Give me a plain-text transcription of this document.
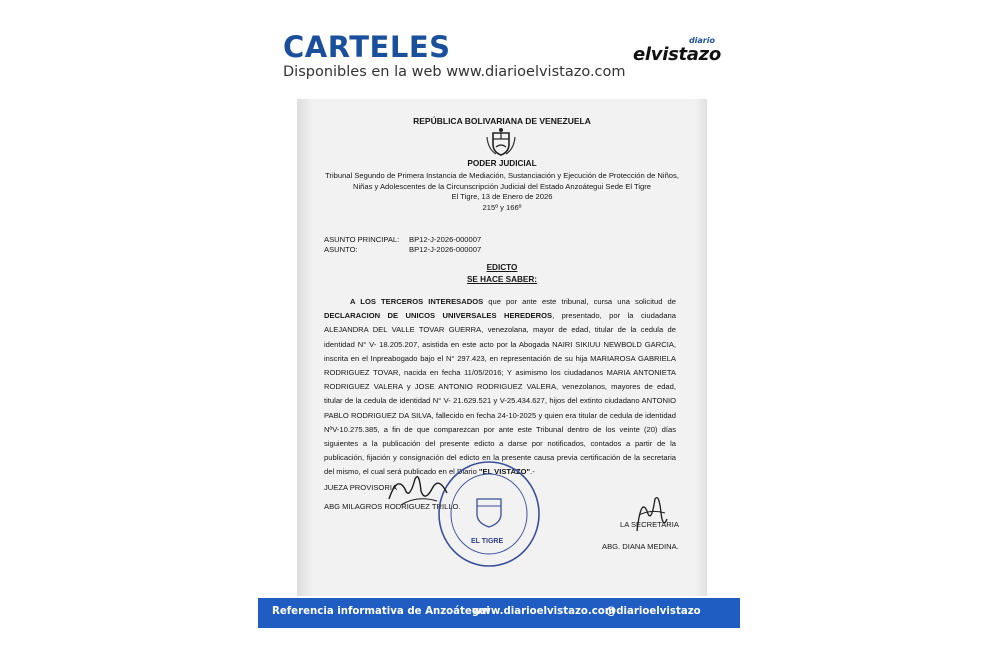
CARTELES
Disponibles en la web www.diarioelvistazo.com
diario
elvistazo
REPÚBLICA BOLIVARIANA DE VENEZUELA
PODER JUDICIAL
Tribunal Segundo de Primera Instancia de Mediación, Sustanciación y Ejecución de Protección de Niños,
Niñas y Adolescentes de la Circunscripción Judicial del Estado Anzoátegui Sede El Tigre
El Tigre, 13 de Enero de 2026
215º y 166º
ASUNTO PRINCIPAL: BP12-J-2026-000007
ASUNTO:	BP12-J-2026-000007
EDICTO
SE HACE SABER:
A LOS TERCEROS INTERESADOS que por ante este tribunal, cursa una solicitud de DECLARACION DE UNICOS UNIVERSALES HEREDEROS, presentado, por la ciudadana ALEJANDRA DEL VALLE TOVAR GUERRA, venezolana, mayor de edad, titular de la cedula de identidad N° V- 18.205.207, asistida en este acto por la Abogada NAIRI SIKIUU NEWBOLD GARCIA, inscrita en el Inpreabogado bajo el N° 297.423, en representación de su hija MARIAROSA GABRIELA RODRIGUEZ TOVAR, nacida en fecha 11/05/2016; Y asimismo los ciudadanos MARIA ANTONIETA RODRIGUEZ VALERA y JOSE ANTONIO RODRIGUEZ VALERA, venezolanos, mayores de edad, titular de la cedula de identidad N° V- 21.629.521 y V-25.434.627, hijos del extinto ciudadano ANTONIO PABLO RODRIGUEZ DA SILVA, fallecido en fecha 24-10-2025 y quien era titular de cedula de identidad NºV-10.275.385, a fin de que comparezcan por ante este Tribunal dentro de los veinte (20) días siguientes a la publicación del presente edicto a darse por notificados, contados a partir de la publicación, fijación y consignación del edicto en la presente causa previa certificación de la secretaria del mismo, el cual será publicado en el Diario "EL VISTAZO".-
JUEZA PROVISORIA
ABG MILAGROS RODRIGUEZ TRILLO.
LA SECRETARIA
ABG. DIANA MEDINA.
EL TIGRE
Referencia informativa de Anzoátegui
www.diarioelvistazo.com
@diarioelvistazo
